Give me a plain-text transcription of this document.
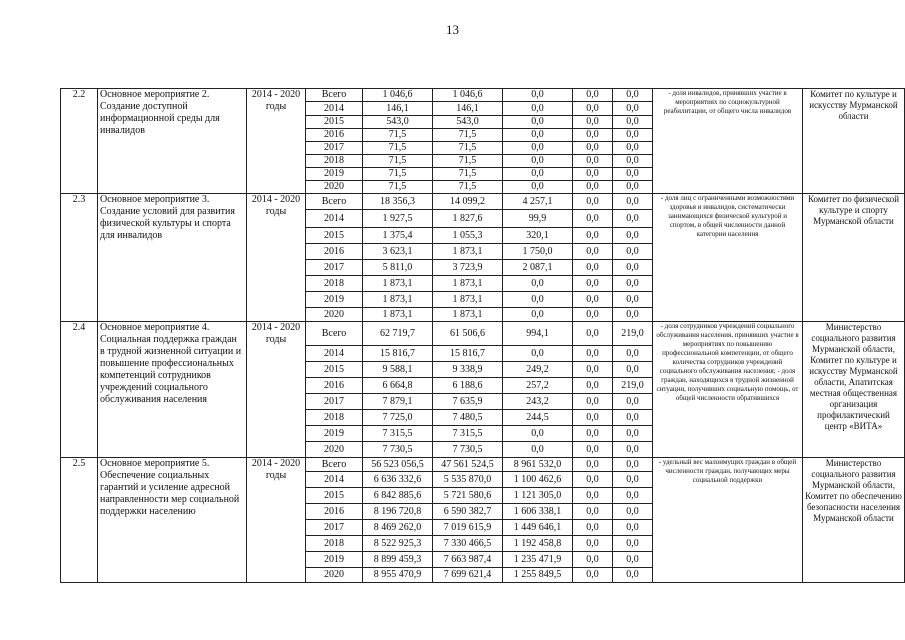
13
2.2	Основное мероприятие 2. Создание доступной информационной среды для инвалидов	2014 - 2020 годы	Всего	1 046,6	1 046,6	0,0	0,0	0,0	- доля инвалидов, принявших участие в мероприятиях по социокультурной реабилитации, от общего числа инвалидов	Комитет по культуре и искусству Мурманской области
			2014	146,1	146,1	0,0	0,0	0,0		
			2015	543,0	543,0	0,0	0,0	0,0		
			2016	71,5	71,5	0,0	0,0	0,0		
			2017	71,5	71,5	0,0	0,0	0,0		
			2018	71,5	71,5	0,0	0,0	0,0		
			2019	71,5	71,5	0,0	0,0	0,0		
			2020	71,5	71,5	0,0	0,0	0,0		
2.3	Основное мероприятие 3. Создание условий для развития физической культуры и спорта для инвалидов	2014 - 2020 годы	Всего	18 356,3	14 099,2	4 257,1	0,0	0,0	- доля лиц с ограниченными возможностями здоровья и инвалидов, систематически занимающихся физической культурой и спортом, в общей численности данной категории населения	Комитет по физической культуре и спорту Мурманской области
			2014	1 927,5	1 827,6	99,9	0,0	0,0		
			2015	1 375,4	1 055,3	320,1	0,0	0,0		
			2016	3 623,1	1 873,1	1 750,0	0,0	0,0		
			2017	5 811,0	3 723,9	2 087,1	0,0	0,0		
			2018	1 873,1	1 873,1	0,0	0,0	0,0		
			2019	1 873,1	1 873,1	0,0	0,0	0,0		
			2020	1 873,1	1 873,1	0,0	0,0	0,0		
2.4	Основное мероприятие 4. Социальная поддержка граждан в трудной жизненной ситуации и повышение профессиональных компетенций сотрудников учреждений социального обслуживания населения	2014 - 2020 годы	Всего	62 719,7	61 506,6	994,1	0,0	219,0	- доля сотрудников учреждений социального обслуживания населения, принявших участие в мероприятиях по повышению профессиональной компетенции, от общего количества сотрудников учреждений социального обслуживания населения; - доля граждан, находящихся в трудной жизненной ситуации, получивших социальную помощь, от общей численности обратившихся	Министерство социального развития Мурманской области, Комитет по культуре и искусству Мурманской области, Апатитская местная общественная организация профилактический центр «ВИТА»
			2014	15 816,7	15 816,7	0,0	0,0	0,0		
			2015	9 588,1	9 338,9	249,2	0,0	0,0		
			2016	6 664,8	6 188,6	257,2	0,0	219,0		
			2017	7 879,1	7 635,9	243,2	0,0	0,0		
			2018	7 725,0	7 480,5	244,5	0,0	0,0		
			2019	7 315,5	7 315,5	0,0	0,0	0,0		
			2020	7 730,5	7 730,5	0,0	0,0	0,0		
2.5	Основное мероприятие 5. Обеспечение социальных гарантий и усиление адресной направленности мер социальной поддержки населению	2014 - 2020 годы	Всего	56 523 056,5	47 561 524,5	8 961 532,0	0,0	0,0	- удельный вес малоимущих граждан в общей численности граждан, получающих меры социальной поддержки	Министерство социального развития Мурманской области, Комитет по обеспечению безопасности населения Мурманской области
			2014	6 636 332,6	5 535 870,0	1 100 462,6	0,0	0,0		
			2015	6 842 885,6	5 721 580,6	1 121 305,0	0,0	0,0		
			2016	8 196 720,8	6 590 382,7	1 606 338,1	0,0	0,0		
			2017	8 469 262,0	7 019 615,9	1 449 646,1	0,0	0,0		
			2018	8 522 925,3	7 330 466,5	1 192 458,8	0,0	0,0		
			2019	8 899 459,3	7 663 987,4	1 235 471,9	0,0	0,0		
			2020	8 955 470,9	7 699 621,4	1 255 849,5	0,0	0,0		
